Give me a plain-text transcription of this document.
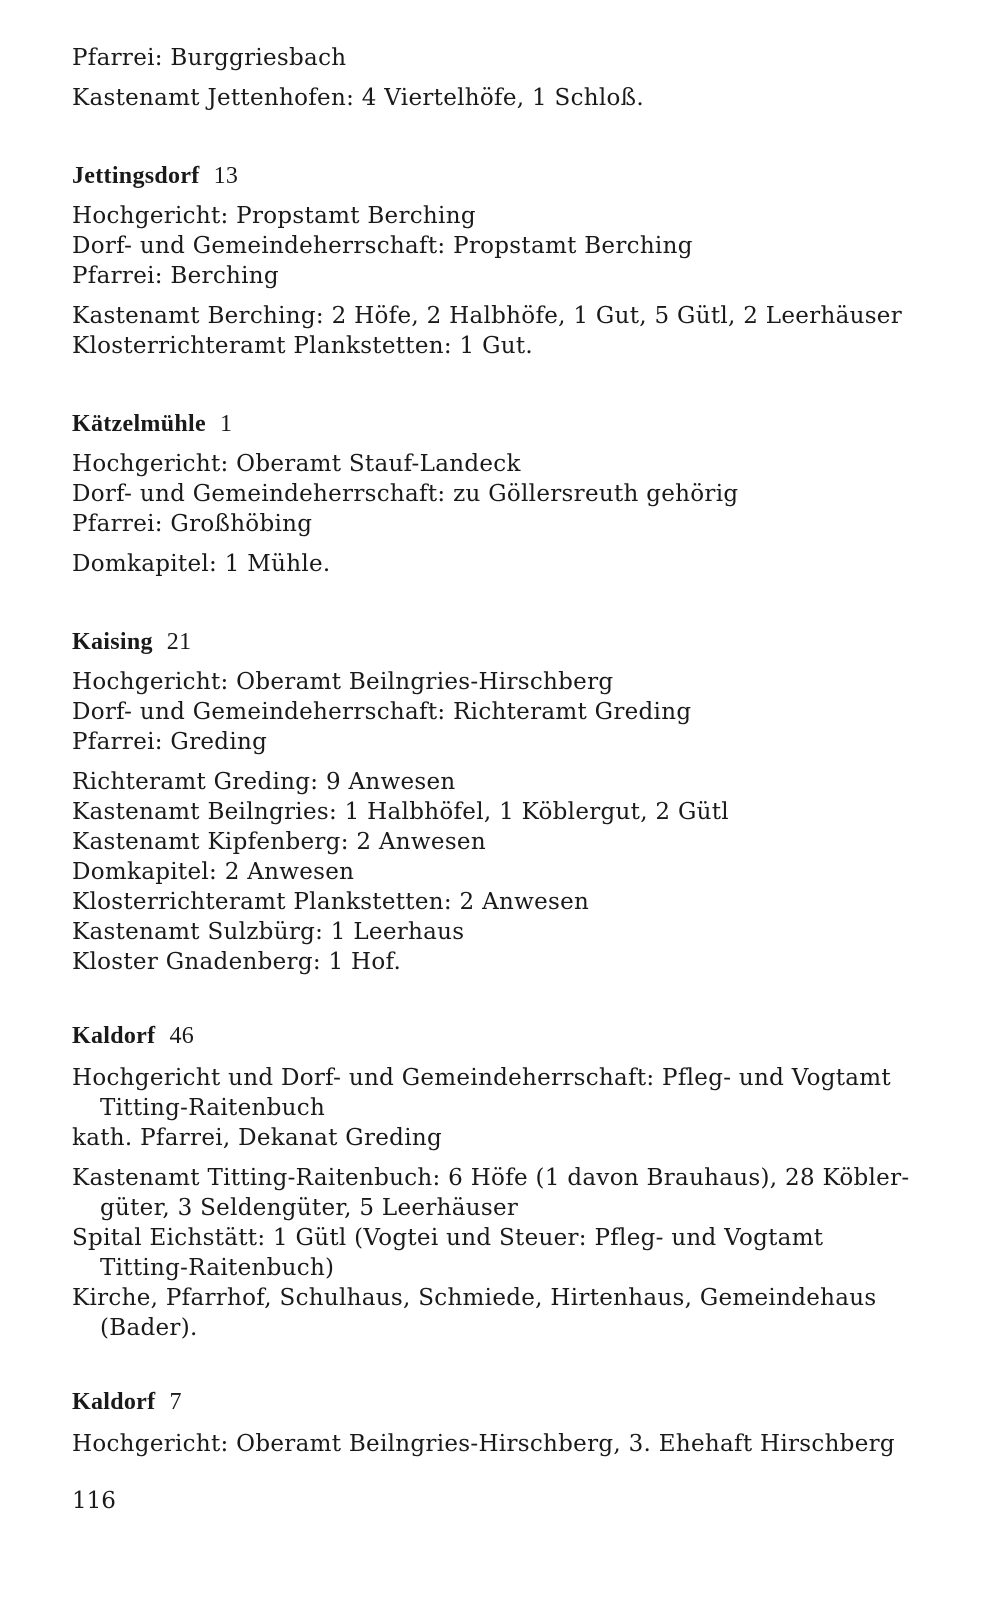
Pfarrei: Burggriesbach
Kastenamt Jettenhofen: 4 Viertelhöfe, 1 Schloß.
Jettingsdorf 13
Hochgericht: Propstamt Berching
Dorf- und Gemeindeherrschaft: Propstamt Berching
Pfarrei: Berching
Kastenamt Berching: 2 Höfe, 2 Halbhöfe, 1 Gut, 5 Gütl, 2 Leerhäuser
Klosterrichteramt Plankstetten: 1 Gut.
Kätzelmühle 1
Hochgericht: Oberamt Stauf-Landeck
Dorf- und Gemeindeherrschaft: zu Göllersreuth gehörig
Pfarrei: Großhöbing
Domkapitel: 1 Mühle.
Kaising 21
Hochgericht: Oberamt Beilngries-Hirschberg
Dorf- und Gemeindeherrschaft: Richteramt Greding
Pfarrei: Greding
Richteramt Greding: 9 Anwesen
Kastenamt Beilngries: 1 Halbhöfel, 1 Köblergut, 2 Gütl
Kastenamt Kipfenberg: 2 Anwesen
Domkapitel: 2 Anwesen
Klosterrichteramt Plankstetten: 2 Anwesen
Kastenamt Sulzbürg: 1 Leerhaus
Kloster Gnadenberg: 1 Hof.
Kaldorf 46
Hochgericht und Dorf- und Gemeindeherrschaft: Pfleg- und Vogtamt
Titting-Raitenbuch
kath. Pfarrei, Dekanat Greding
Kastenamt Titting-Raitenbuch: 6 Höfe (1 davon Brauhaus), 28 Köbler-
güter, 3 Seldengüter, 5 Leerhäuser
Spital Eichstätt: 1 Gütl (Vogtei und Steuer: Pfleg- und Vogtamt
Titting-Raitenbuch)
Kirche, Pfarrhof, Schulhaus, Schmiede, Hirtenhaus, Gemeindehaus
(Bader).
Kaldorf 7
Hochgericht: Oberamt Beilngries-Hirschberg, 3. Ehehaft Hirschberg
116
